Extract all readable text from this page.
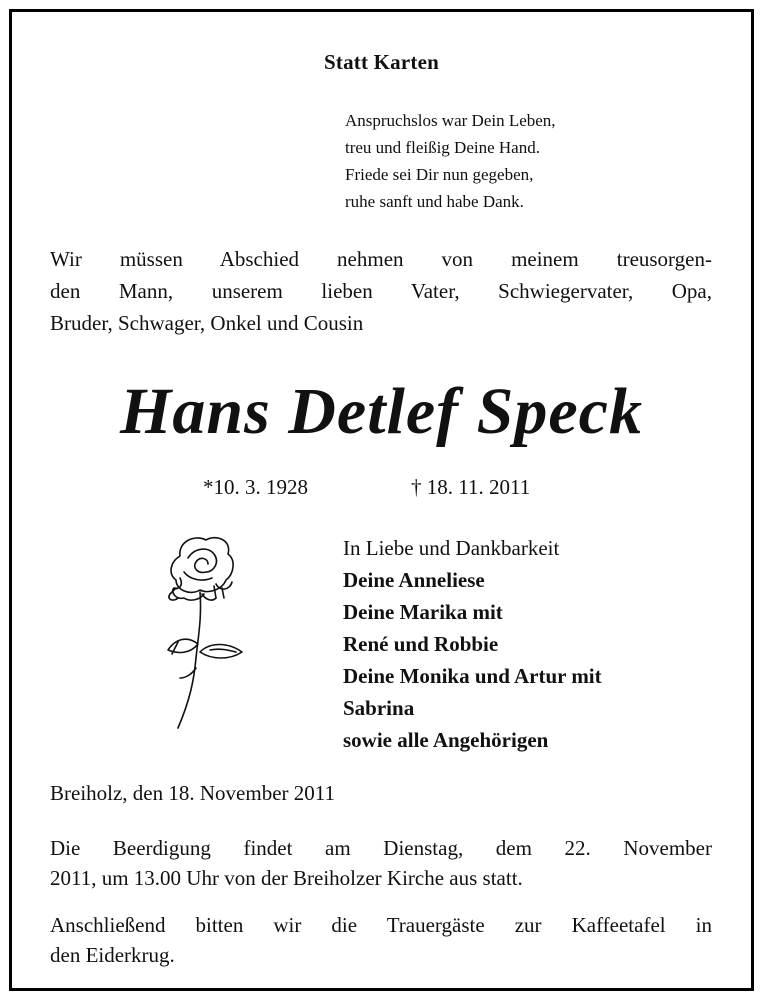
Statt Karten

Anspruchslos war Dein Leben,
treu und fleißig Deine Hand.
Friede sei Dir nun gegeben,
ruhe sanft und habe Dank.
Wir müssen Abschied nehmen von meinem treusorgen-
den Mann, unserem lieben Vater, Schwiegervater, Opa,
Bruder, Schwager, Onkel und Cousin

Hans Detlef Speck

*10. 3. 1928	† 18. 11. 2011

In Liebe und Dankbarkeit
Deine Anneliese
Deine Marika mit
René und Robbie
Deine Monika und Artur mit
Sabrina
sowie alle Angehörigen

Breiholz, den 18. November 2011

Die Beerdigung findet am Dienstag, dem 22. November
2011, um 13.00 Uhr von der Breiholzer Kirche aus statt.
Anschließend bitten wir die Trauergäste zur Kaffeetafel in
den Eiderkrug.
